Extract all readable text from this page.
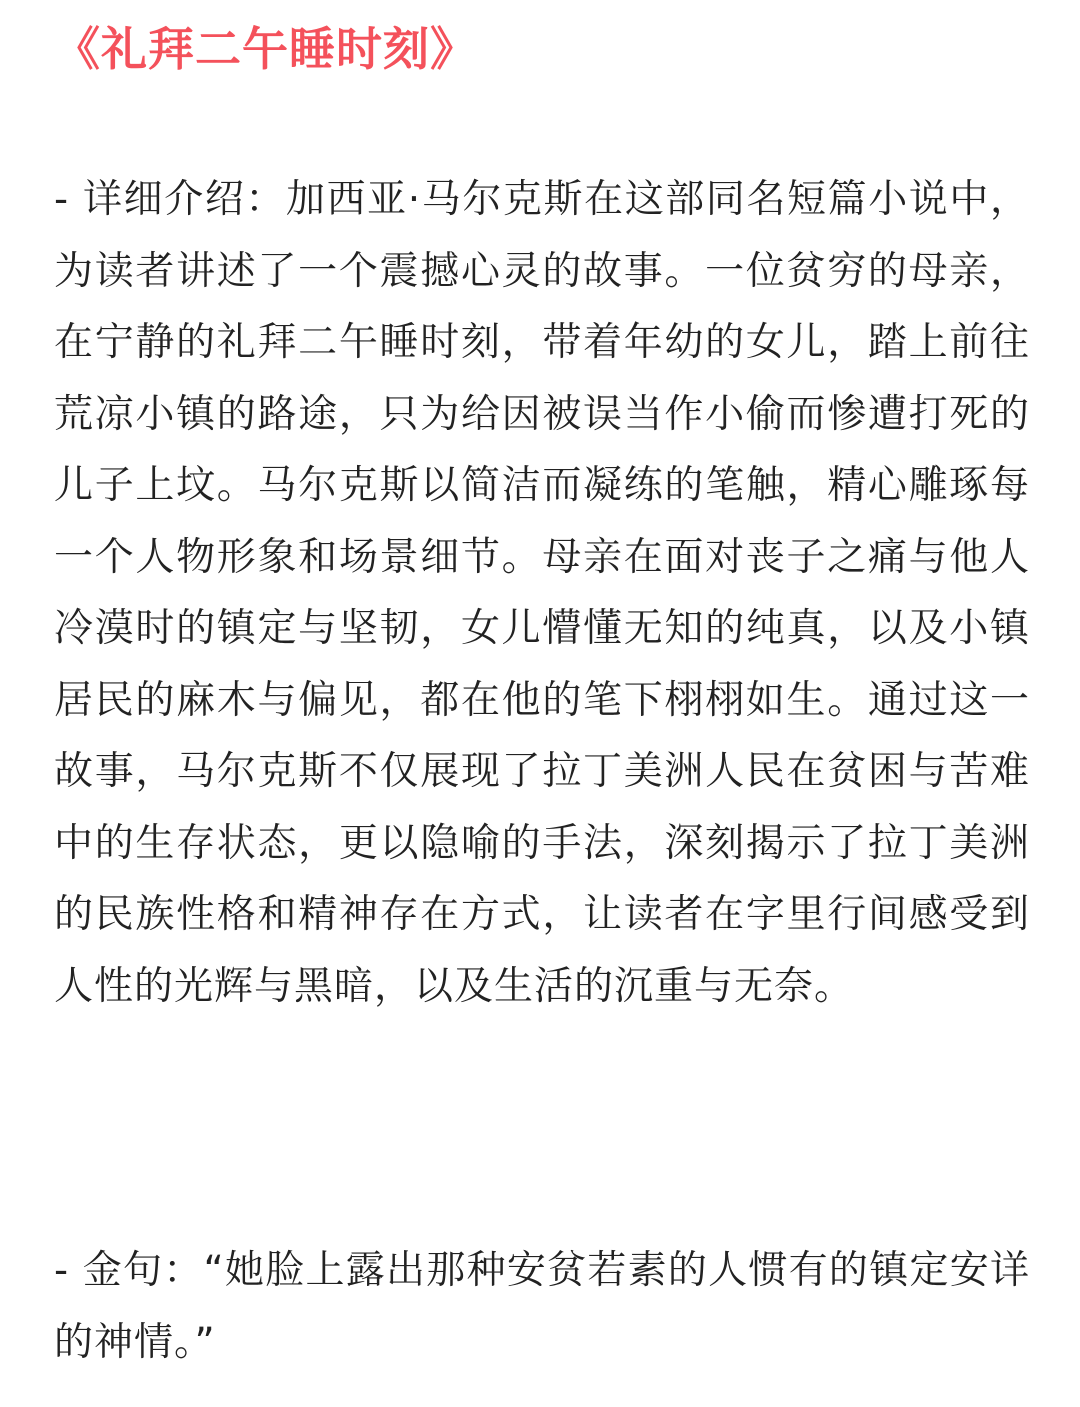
《礼拜二午睡时刻》

- 详细介绍：加西亚·马尔克斯在这部同名短篇小说中，为读者讲述了一个震撼心灵的故事。一位贫穷的母亲，在宁静的礼拜二午睡时刻，带着年幼的女儿，踏上前往荒凉小镇的路途，只为给因被误当作小偷而惨遭打死的儿子上坟。马尔克斯以简洁而凝练的笔触，精心雕琢每一个人物形象和场景细节。母亲在面对丧子之痛与他人冷漠时的镇定与坚韧，女儿懵懂无知的纯真，以及小镇居民的麻木与偏见，都在他的笔下栩栩如生。通过这一故事，马尔克斯不仅展现了拉丁美洲人民在贫困与苦难中的生存状态，更以隐喻的手法，深刻揭示了拉丁美洲的民族性格和精神存在方式，让读者在字里行间感受到人性的光辉与黑暗，以及生活的沉重与无奈。

- 金句：“她脸上露出那种安贫若素的人惯有的镇定安详的神情。”
